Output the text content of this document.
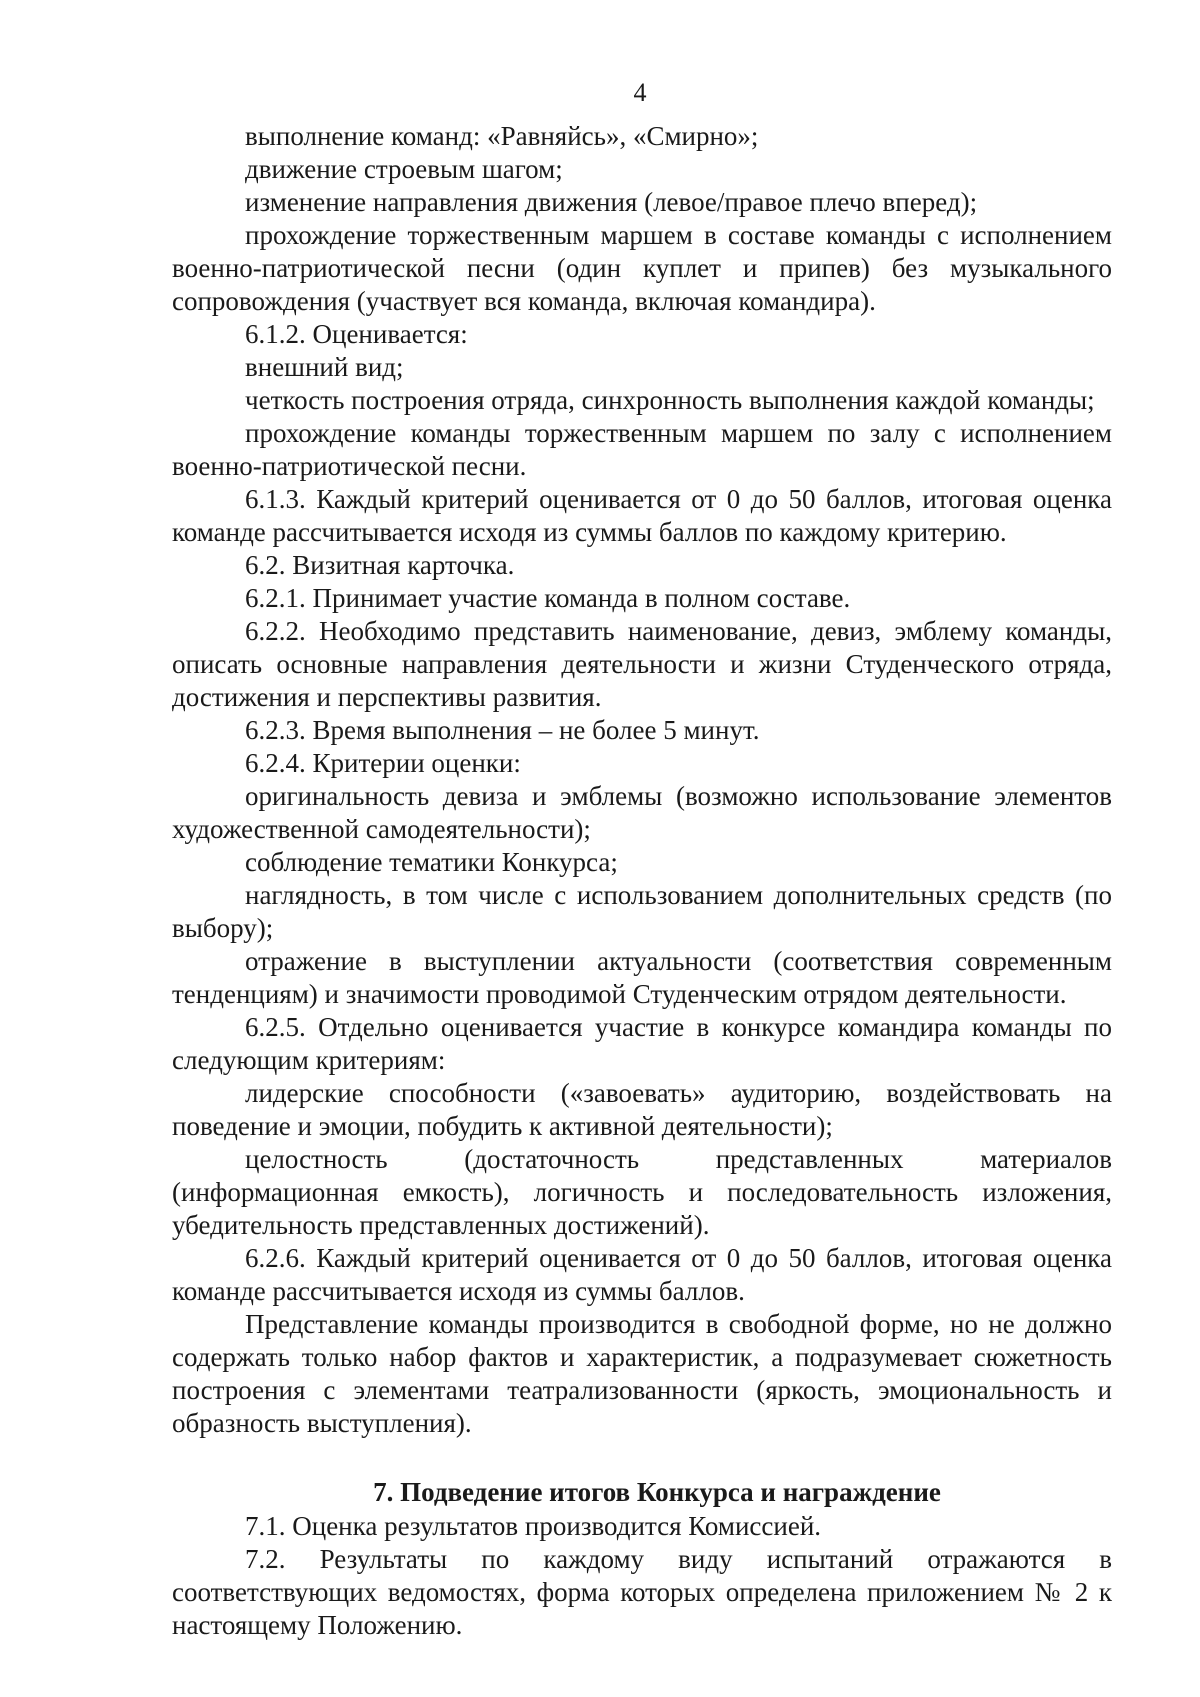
4

выполнение команд: «Равняйсь», «Смирно»;

движение строевым шагом;

изменение направления движения (левое/правое плечо вперед);

прохождение торжественным маршем в составе команды с исполнением военно-патриотической песни (один куплет и припев) без музыкального сопровождения (участвует вся команда, включая командира).

6.1.2. Оценивается:

внешний вид;

четкость построения отряда, синхронность выполнения каждой команды;

прохождение команды торжественным маршем по залу с исполнением военно-патриотической песни.

6.1.3. Каждый критерий оценивается от 0 до 50 баллов, итоговая оценка команде рассчитывается исходя из суммы баллов по каждому критерию.

6.2. Визитная карточка.

6.2.1. Принимает участие команда в полном составе.

6.2.2. Необходимо представить наименование, девиз, эмблему команды, описать основные направления деятельности и жизни Студенческого отряда, достижения и перспективы развития.

6.2.3. Время выполнения – не более 5 минут.

6.2.4. Критерии оценки:

оригинальность девиза и эмблемы (возможно использование элементов художественной самодеятельности);

соблюдение тематики Конкурса;

наглядность, в том числе с использованием дополнительных средств (по выбору);

отражение в выступлении актуальности (соответствия современным тенденциям) и значимости проводимой Студенческим отрядом деятельности.

6.2.5. Отдельно оценивается участие в конкурсе командира команды по следующим критериям:

лидерские способности («завоевать» аудиторию, воздействовать на поведение и эмоции, побудить к активной деятельности);

целостность (достаточность представленных материалов (информационная емкость), логичность и последовательность изложения, убедительность представленных достижений).

6.2.6. Каждый критерий оценивается от 0 до 50 баллов, итоговая оценка команде рассчитывается исходя из суммы баллов.

Представление команды производится в свободной форме, но не должно содержать только набор фактов и характеристик, а подразумевает сюжетность построения с элементами театрализованности (яркость, эмоциональность и образность выступления).

7. Подведение итогов Конкурса и награждение

7.1. Оценка результатов производится Комиссией.

7.2. Результаты по каждому виду испытаний отражаются в соответствующих ведомостях, форма которых определена приложением № 2 к настоящему Положению.
